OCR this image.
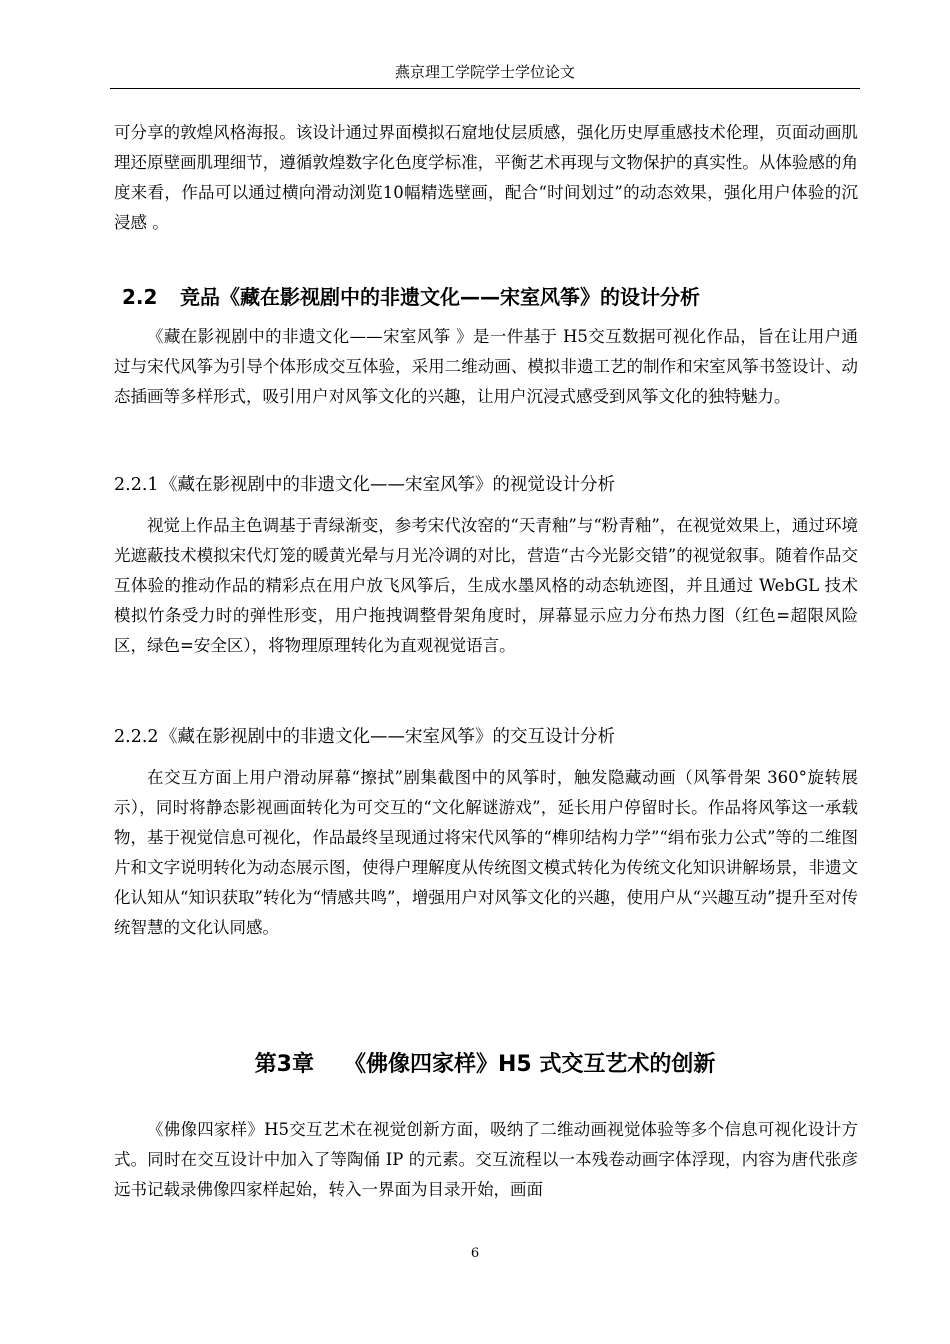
燕京理工学院学士学位论文

可分享的敦煌风格海报。该设计通过界面模拟石窟地仗层质感，强化历史厚重感技术伦理，页面动画肌理还原壁画肌理细节，遵循敦煌数字化色度学标准，平衡艺术再现与文物保护的真实性。从体验感的角度来看，作品可以通过横向滑动浏览10幅精选壁画，配合“时间划过”的动态效果，强化用户体验的沉浸感 。

2.2 竞品《藏在影视剧中的非遗文化——宋室风筝》的设计分析

《藏在影视剧中的非遗文化——宋室风筝 》是一件基于 H5交互数据可视化作品，旨在让用户通过与宋代风筝为引导个体形成交互体验，采用二维动画、模拟非遗工艺的制作和宋室风筝书签设计、动态插画等多样形式，吸引用户对风筝文化的兴趣，让用户沉浸式感受到风筝文化的独特魅力。

2.2.1《藏在影视剧中的非遗文化——宋室风筝》的视觉设计分析

视觉上作品主色调基于青绿渐变，参考宋代汝窑的“天青釉”与“粉青釉”，在视觉效果上，通过环境光遮蔽技术模拟宋代灯笼的暖黄光晕与月光冷调的对比，营造“古今光影交错”的视觉叙事。随着作品交互体验的推动作品的精彩点在用户放飞风筝后，生成水墨风格的动态轨迹图，并且通过 WebGL 技术模拟竹条受力时的弹性形变，用户拖拽调整骨架角度时，屏幕显示应力分布热力图（红色=超限风险区，绿色=安全区），将物理原理转化为直观视觉语言。

2.2.2《藏在影视剧中的非遗文化——宋室风筝》的交互设计分析

在交互方面上用户滑动屏幕“擦拭”剧集截图中的风筝时，触发隐藏动画（风筝骨架 360°旋转展示），同时将静态影视画面转化为可交互的“文化解谜游戏”，延长用户停留时长。作品将风筝这一承载物，基于视觉信息可视化，作品最终呈现通过将宋代风筝的“榫卯结构力学”“绢布张力公式”等的二维图片和文字说明转化为动态展示图，使得户理解度从传统图文模式转化为传统文化知识讲解场景，非遗文化认知从“知识获取”转化为“情感共鸣”，增强用户对风筝文化的兴趣，使用户从“兴趣互动”提升至对传统智慧的文化认同感。

第3章 《佛像四家样》H5 式交互艺术的创新

《佛像四家样》H5交互艺术在视觉创新方面，吸纳了二维动画视觉体验等多个信息可视化设计方式。同时在交互设计中加入了等陶俑 IP 的元素。交互流程以一本残卷动画字体浮现，内容为唐代张彦远书记载录佛像四家样起始，转入一界面为目录开始，画面

6
